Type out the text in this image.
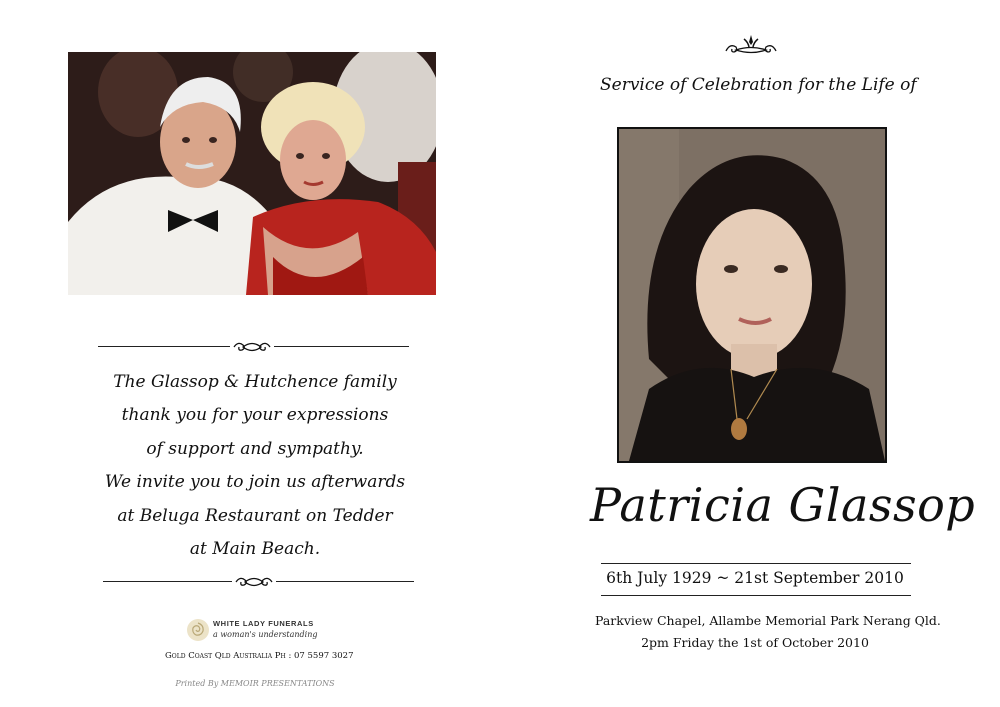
The Glassop & Hutchence family
thank you for your expressions
of support and sympathy.
We invite you to join us afterwards
at Beluga Restaurant on Tedder
at Main Beach.
WHITE LADY FUNERALS
a woman's understanding
Gold Coast Qld Australia Ph : 07 5597 3027
Printed By MEMOIR PRESENTATIONS
Service of Celebration for the Life of
Patricia Glassop
6th July 1929 ~ 21st September 2010
Parkview Chapel, Allambe Memorial Park Nerang Qld.
2pm Friday the 1st of October 2010
